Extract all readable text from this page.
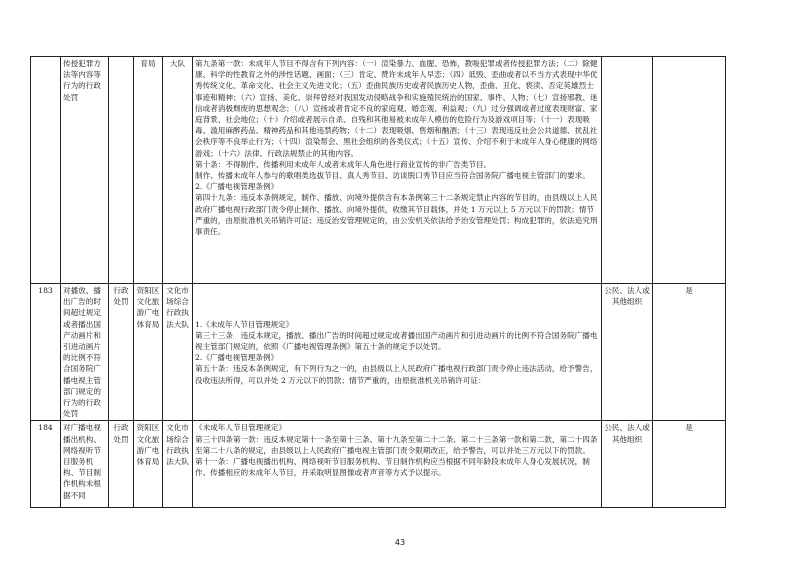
	传授犯罪方法等内容等行为的行政处罚		育局	大队	第九条第一款：未成年人节目不得含有下列内容：（一）渲染暴力、血腥、恐怖，教唆犯罪或者传授犯罪方法；（二）除健康、科学的性教育之外的涉性话题、画面；（三）肯定、赞许未成年人早恋；（四）诋毁、歪曲或者以不当方式表现中华优秀传统文化、革命文化、社会主义先进文化；（五）歪曲民族历史或者民族历史人物，歪曲、丑化、亵渎、否定英雄烈士事迹和精神；（六）宣扬、美化、崇拜曾经对我国发动侵略战争和实施殖民统治的国家、事件、人物；（七）宣扬邪教、迷信或者消极颓废的思想观念；（八）宣扬或者肯定不良的家庭观、婚恋观、利益观；（九）过分强调或者过度表现财富、家庭背景、社会地位；（十）介绍或者展示自杀、自残和其他易被未成年人模仿的危险行为及游戏项目等；（十一）表现吸毒、滥用麻醉药品、精神药品和其他违禁药物；（十二）表现吸烟、售烟和酗酒；（十三）表现违反社会公共道德、扰乱社会秩序等不良举止行为；（十四）渲染帮会、黑社会组织的各类仪式；（十五）宣传、介绍不利于未成年人身心健康的网络游戏；（十六）法律、行政法规禁止的其他内容。
第十条：不得制作、传播利用未成年人或者未成年人角色进行商业宣传的非广告类节目。
制作、传播未成年人参与的歌唱类选拔节目、真人秀节目、访谈脱口秀节目应当符合国务院广播电视主管部门的要求。
2.《广播电视管理条例》
第四十九条：违反本条例规定，制作、播放、向境外提供含有本条例第三十二条规定禁止内容的节目的，由县级以上人民政府广播电视行政部门责令停止制作、播放、向境外提供，收缴其节目载体，并处 1 万元以上 5 万元以下的罚款；情节严重的，由原批准机关吊销许可证；违反治安管理规定的，由公安机关依法给予治安管理处罚；构成犯罪的，依法追究刑事责任。		

183	对播放、播出广告的时间超过规定或者播出国产动画片和引进动画片的比例不符合国务院广播电视主管部门规定的行为的行政处罚	行政处罚	资阳区文化旅游广电体育局	文化市场综合行政执法大队	1.《未成年人节目管理规定》
第三十三条　违反本规定，播放、播出广告的时间超过规定或者播出国产动画片和引进动画片的比例不符合国务院广播电视主管部门规定的，依照《广播电视管理条例》第五十条的规定予以处罚。
2.《广播电视管理条例》
第五十条：违反本条例规定，有下列行为之一的，由县级以上人民政府广播电视行政部门责令停止违法活动，给予警告，没收违法所得，可以并处 2 万元以下的罚款；情节严重的，由原批准机关吊销许可证：	公民、法人或其他组织	是
184	对广播电视播出机构、网络视听节目服务机构、节目制作机构未根据不同	行政处罚	资阳区文化旅游广电体育局	文化市场综合行政执法大队	《未成年人节目管理规定》
第三十四条第一款：违反本规定第十一条至第十三条、第十九条至第二十二条、第二十三条第一款和第二款、第二十四条至第二十八条的规定，由县级以上人民政府广播电视主管部门责令限期改正，给予警告，可以并处三万元以下的罚款。
第十一条：广播电视播出机构、网络视听节目服务机构、节目制作机构应当根据不同年龄段未成年人身心发展状况，制作、传播相应的未成年人节目，并采取明显图像或者声音等方式予以提示。	公民、法人或其他组织	是
43
